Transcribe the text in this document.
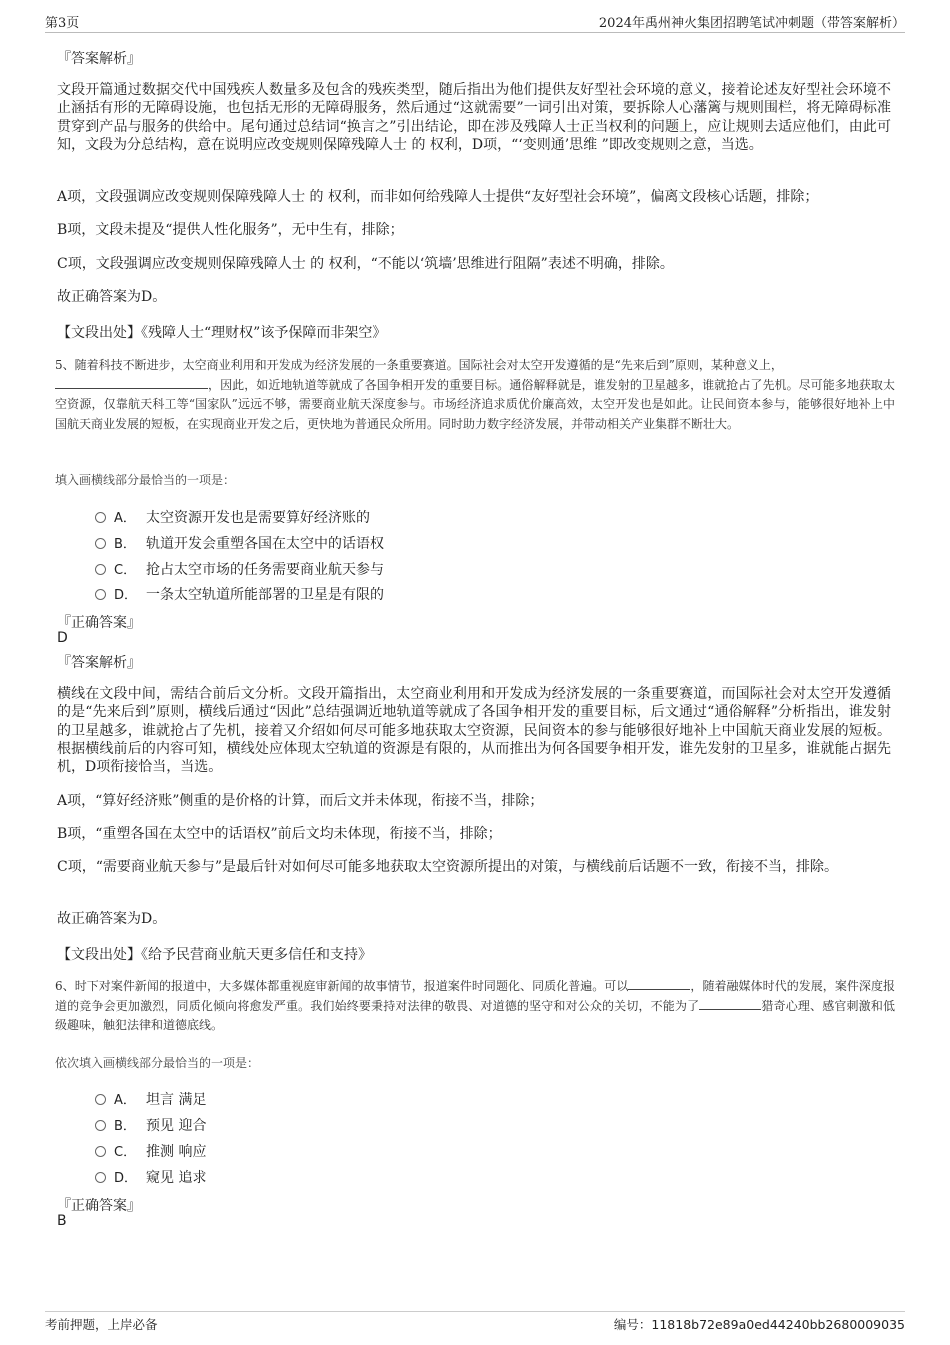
第3页	2024年禹州神火集团招聘笔试冲刺题（带答案解析）
『答案解析』

文段开篇通过数据交代中国残疾人数量多及包含的残疾类型，随后指出为他们提供友好型社会环境的意义，接着论述友好型社会环境不止涵括有形的无障碍设施，也包括无形的无障碍服务，然后通过“这就需要”一词引出对策，要拆除人心藩篱与规则围栏，将无障碍标准贯穿到产品与服务的供给中。尾句通过总结词“换言之”引出结论，即在涉及残障人士正当权利的问题上，应让规则去适应他们，由此可知，文段为分总结构，意在说明应改变规则保障残障人士 的 权利，D项，“‘变则通’思维 ”即改变规则之意，当选。

A项，文段强调应改变规则保障残障人士 的 权利，而非如何给残障人士提供“友好型社会环境”，偏离文段核心话题，排除；

B项，文段未提及“提供人性化服务”，无中生有，排除；

C项，文段强调应改变规则保障残障人士 的 权利，“不能以‘筑墙’思维进行阻隔”表述不明确，排除。

故正确答案为D。

【文段出处】《残障人士“理财权”该予保障而非架空》

5、随着科技不断进步，太空商业利用和开发成为经济发展的一条重要赛道。国际社会对太空开发遵循的是“先来后到”原则，某种意义上，
，因此，如近地轨道等就成了各国争相开发的重要目标。通俗解释就是，谁发射的卫星越多，谁就抢占了先机。尽可能多地获取太空资源，仅靠航天科工等“国家队”远远不够，需要商业航天深度参与。市场经济追求质优价廉高效，太空开发也是如此。让民间资本参与，能够很好地补上中国航天商业发展的短板，在实现商业开发之后，更快地为普通民众所用。同时助力数字经济发展，并带动相关产业集群不断壮大。

填入画横线部分最恰当的一项是：

A． 太空资源开发也是需要算好经济账的
B． 轨道开发会重塑各国在太空中的话语权
C． 抢占太空市场的任务需要商业航天参与
D． 一条太空轨道所能部署的卫星是有限的
『正确答案』
D
『答案解析』

横线在文段中间，需结合前后文分析。文段开篇指出，太空商业利用和开发成为经济发展的一条重要赛道，而国际社会对太空开发遵循的是“先来后到”原则，横线后通过“因此”总结强调近地轨道等就成了各国争相开发的重要目标，后文通过“通俗解释”分析指出，谁发射的卫星越多，谁就抢占了先机，接着又介绍如何尽可能多地获取太空资源，民间资本的参与能够很好地补上中国航天商业发展的短板。根据横线前后的内容可知，横线处应体现太空轨道的资源是有限的，从而推出为何各国要争相开发，谁先发射的卫星多，谁就能占据先机，D项衔接恰当，当选。

A项，“算好经济账”侧重的是价格的计算，而后文并未体现，衔接不当，排除；

B项，“重塑各国在太空中的话语权”前后文均未体现，衔接不当，排除；

C项，“需要商业航天参与”是最后针对如何尽可能多地获取太空资源所提出的对策，与横线前后话题不一致，衔接不当，排除。

故正确答案为D。

【文段出处】《给予民营商业航天更多信任和支持》

6、时下对案件新闻的报道中，大多媒体都重视庭审新闻的故事情节，报道案件时同题化、同质化普遍。可以	，随着融媒体时代的发展，案件深度报道的竞争会更加激烈，同质化倾向将愈发严重。我们始终要秉持对法律的敬畏、对道德的坚守和对公众的关切，不能为了	猎奇心理、感官刺激和低级趣味，触犯法律和道德底线。

依次填入画横线部分最恰当的一项是：

A． 坦言 满足
B． 预见 迎合
C． 推测 响应
D． 窥见 追求
『正确答案』
B
考前押题，上岸必备	编号：11818b72e89a0ed44240bb2680009035
